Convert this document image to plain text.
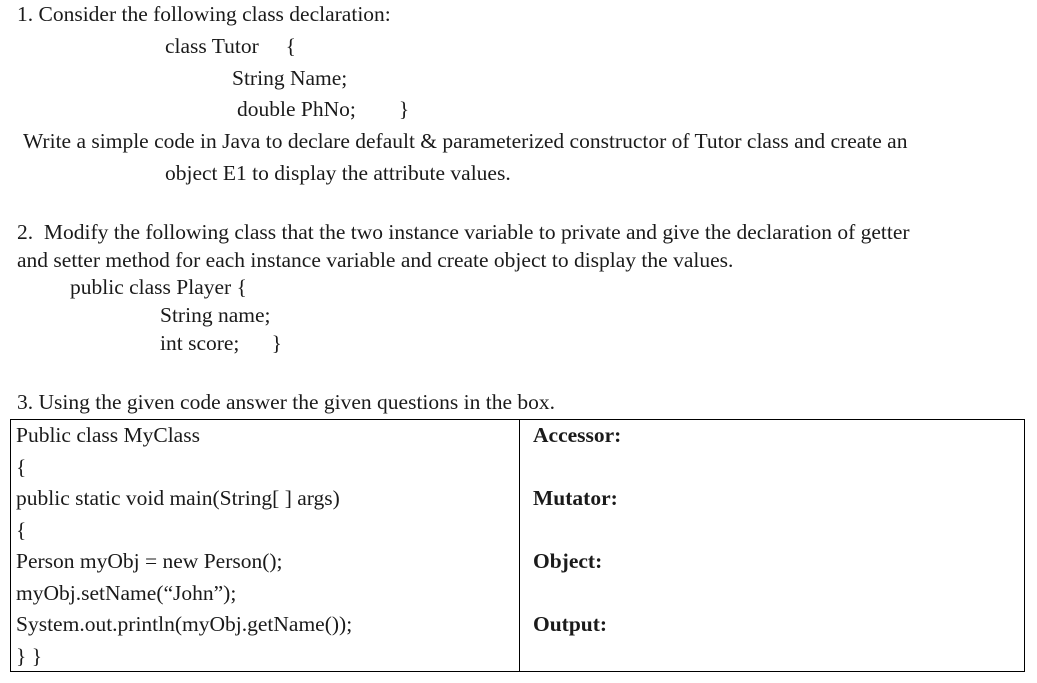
1. Consider the following class declaration:
class Tutor     {
String Name;
double PhNo;        }
Write a simple code in Java to declare default & parameterized constructor of Tutor class and create an
object E1 to display the attribute values.
2.  Modify the following class that the two instance variable to private and give the declaration of getter
and setter method for each instance variable and create object to display the values.
public class Player {
String name;
int score;      }
3. Using the given code answer the given questions in the box.
Public class MyClass
{
public static void main(String[ ] args)
{
Person myObj = new Person();
myObj.setName(“John”);
System.out.println(myObj.getName());
} }
Accessor:
Mutator:
Object:
Output:
